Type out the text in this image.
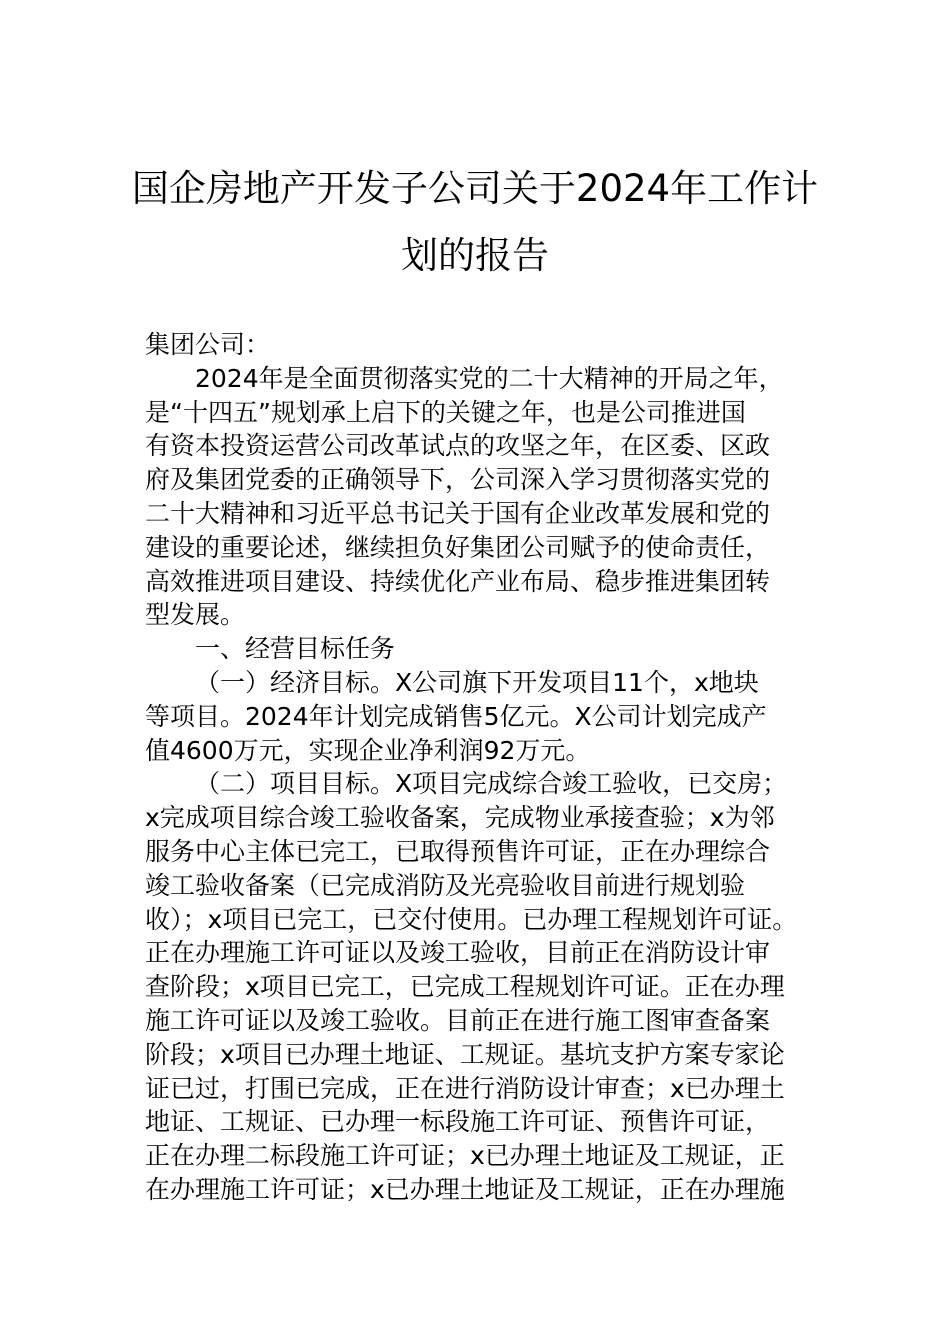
国企房地产开发子公司关于2024年工作计
划的报告
集团公司：
2024年是全面贯彻落实党的二十大精神的开局之年，
是“十四五”规划承上启下的关键之年，也是公司推进国
有资本投资运营公司改革试点的攻坚之年，在区委、区政
府及集团党委的正确领导下，公司深入学习贯彻落实党的
二十大精神和习近平总书记关于国有企业改革发展和党的
建设的重要论述，继续担负好集团公司赋予的使命责任，
高效推进项目建设、持续优化产业布局、稳步推进集团转
型发展。
一、经营目标任务
（一）经济目标。X公司旗下开发项目11个，x地块
等项目。2024年计划完成销售5亿元。X公司计划完成产
值4600万元，实现企业净利润92万元。
（二）项目目标。X项目完成综合竣工验收，已交房；
x完成项目综合竣工验收备案，完成物业承接查验；x为邻
服务中心主体已完工，已取得预售许可证，正在办理综合
竣工验收备案（已完成消防及光亮验收目前进行规划验
收）；x项目已完工，已交付使用。已办理工程规划许可证。
正在办理施工许可证以及竣工验收，目前正在消防设计审
查阶段；x项目已完工，已完成工程规划许可证。正在办理
施工许可证以及竣工验收。目前正在进行施工图审查备案
阶段；x项目已办理土地证、工规证。基坑支护方案专家论
证已过，打围已完成，正在进行消防设计审查；x已办理土
地证、工规证、已办理一标段施工许可证、预售许可证，
正在办理二标段施工许可证；x已办理土地证及工规证，正
在办理施工许可证；x已办理土地证及工规证，正在办理施
